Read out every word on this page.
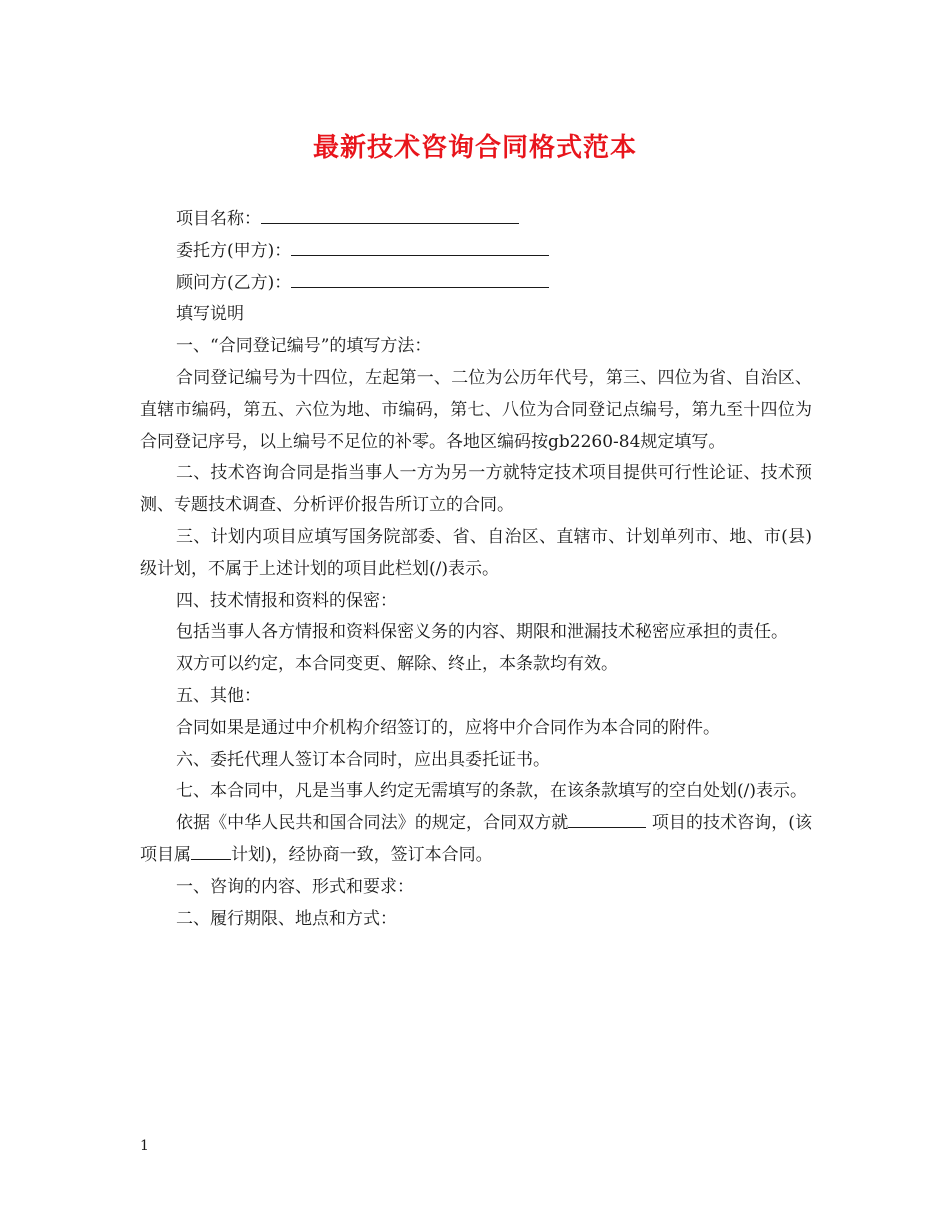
最新技术咨询合同格式范本

项目名称：

委托方(甲方)：

顾问方(乙方)：

填写说明

一、“合同登记编号”的填写方法：

合同登记编号为十四位，左起第一、二位为公历年代号，第三、四位为省、自治区、直辖市编码，第五、六位为地、市编码，第七、八位为合同登记点编号，第九至十四位为合同登记序号，以上编号不足位的补零。各地区编码按gb2260-84规定填写。

二、技术咨询合同是指当事人一方为另一方就特定技术项目提供可行性论证、技术预测、专题技术调查、分析评价报告所订立的合同。

三、计划内项目应填写国务院部委、省、自治区、直辖市、计划单列市、地、市(县)级计划，不属于上述计划的项目此栏划(/)表示。

四、技术情报和资料的保密：

包括当事人各方情报和资料保密义务的内容、期限和泄漏技术秘密应承担的责任。

双方可以约定，本合同变更、解除、终止，本条款均有效。

五、其他：

合同如果是通过中介机构介绍签订的，应将中介合同作为本合同的附件。

六、委托代理人签订本合同时，应出具委托证书。

七、本合同中，凡是当事人约定无需填写的条款，在该条款填写的空白处划(/)表示。

依据《中华人民共和国合同法》的规定，合同双方就	项目的技术咨询，(该项目属 计划)，经协商一致，签订本合同。

一、咨询的内容、形式和要求：

二、履行期限、地点和方式：

1
